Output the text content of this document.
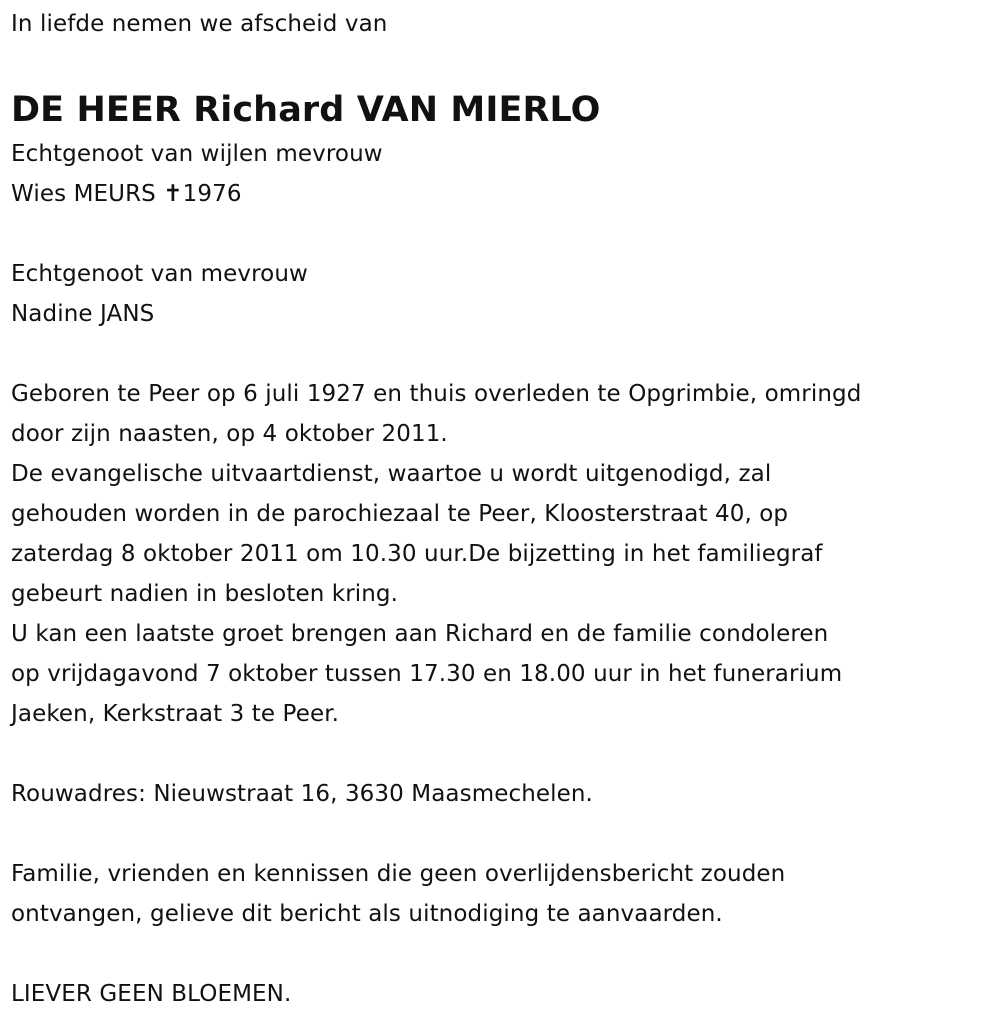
In liefde nemen we afscheid van
DE HEER Richard VAN MIERLO
Echtgenoot van wijlen mevrouw
Wies MEURS ✝1976
Echtgenoot van mevrouw
Nadine JANS
Geboren te Peer op 6 juli 1927 en thuis overleden te Opgrimbie, omringd
door zijn naasten, op 4 oktober 2011.
De evangelische uitvaartdienst, waartoe u wordt uitgenodigd, zal
gehouden worden in de parochiezaal te Peer, Kloosterstraat 40, op
zaterdag 8 oktober 2011 om 10.30 uur.De bijzetting in het familiegraf
gebeurt nadien in besloten kring.
U kan een laatste groet brengen aan Richard en de familie condoleren
op vrijdagavond 7 oktober tussen 17.30 en 18.00 uur in het funerarium
Jaeken, Kerkstraat 3 te Peer.
Rouwadres: Nieuwstraat 16, 3630 Maasmechelen.
Familie, vrienden en kennissen die geen overlijdensbericht zouden
ontvangen, gelieve dit bericht als uitnodiging te aanvaarden.
LIEVER GEEN BLOEMEN.
